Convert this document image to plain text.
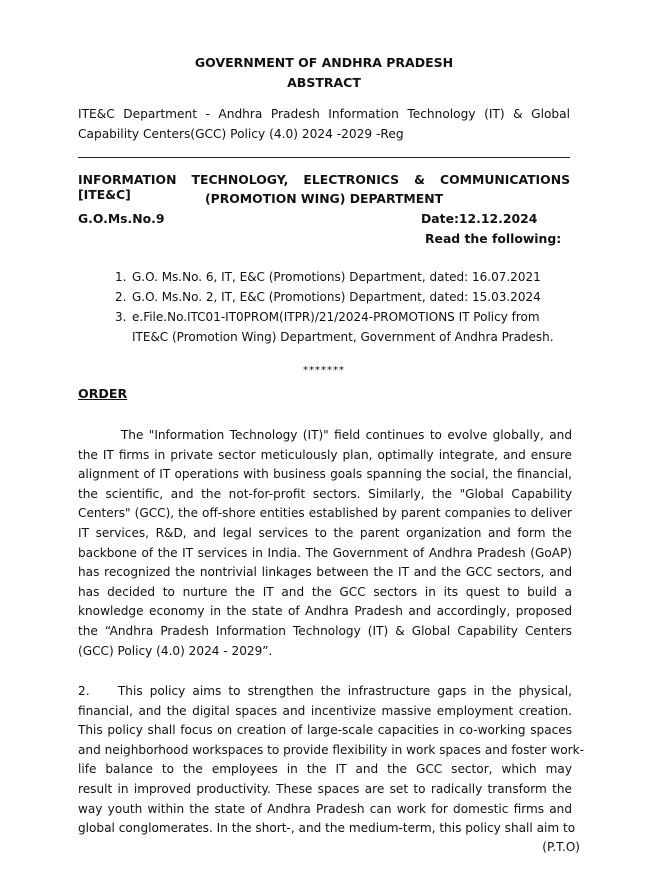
GOVERNMENT OF ANDHRA PRADESH
ABSTRACT
ITE&C Department - Andhra Pradesh Information Technology (IT) & Global
Capability Centers(GCC) Policy (4.0) 2024 -2029 -Reg
INFORMATION TECHNOLOGY, ELECTRONICS & COMMUNICATIONS [ITE&C]	(PROMOTION WING) DEPARTMENT
G.O.Ms.No.9	Date:12.12.2024
Read the following:
1. G.O. Ms.No. 6, IT, E&C (Promotions) Department, dated: 16.07.2021
2. G.O. Ms.No. 2, IT, E&C (Promotions) Department, dated: 15.03.2024
3. e.File.No.ITC01-IT0PROM(ITPR)/21/2024-PROMOTIONS IT Policy from
ITE&C (Promotion Wing) Department, Government of Andhra Pradesh.
*******
ORDER
The "Information Technology (IT)" field continues to evolve globally, and
the IT firms in private sector meticulously plan, optimally integrate, and ensure
alignment of IT operations with business goals spanning the social, the financial,
the scientific, and the not-for-profit sectors. Similarly, the "Global Capability
Centers" (GCC), the off-shore entities established by parent companies to deliver
IT services, R&D, and legal services to the parent organization and form the
backbone of the IT services in India. The Government of Andhra Pradesh (GoAP)
has recognized the nontrivial linkages between the IT and the GCC sectors, and
has decided to nurture the IT and the GCC sectors in its quest to build a
knowledge economy in the state of Andhra Pradesh and accordingly, proposed
the “Andhra Pradesh Information Technology (IT) & Global Capability Centers
(GCC) Policy (4.0) 2024 - 2029”.
2.    This policy aims to strengthen the infrastructure gaps in the physical,
financial, and the digital spaces and incentivize massive employment creation.
This policy shall focus on creation of large-scale capacities in co-working spaces
and neighborhood workspaces to provide flexibility in work spaces and foster work-
life balance to the employees in the IT and the GCC sector, which may
result in improved productivity. These spaces are set to radically transform the
way youth within the state of Andhra Pradesh can work for domestic firms and
global conglomerates. In the short-, and the medium-term, this policy shall aim to
(P.T.O)
